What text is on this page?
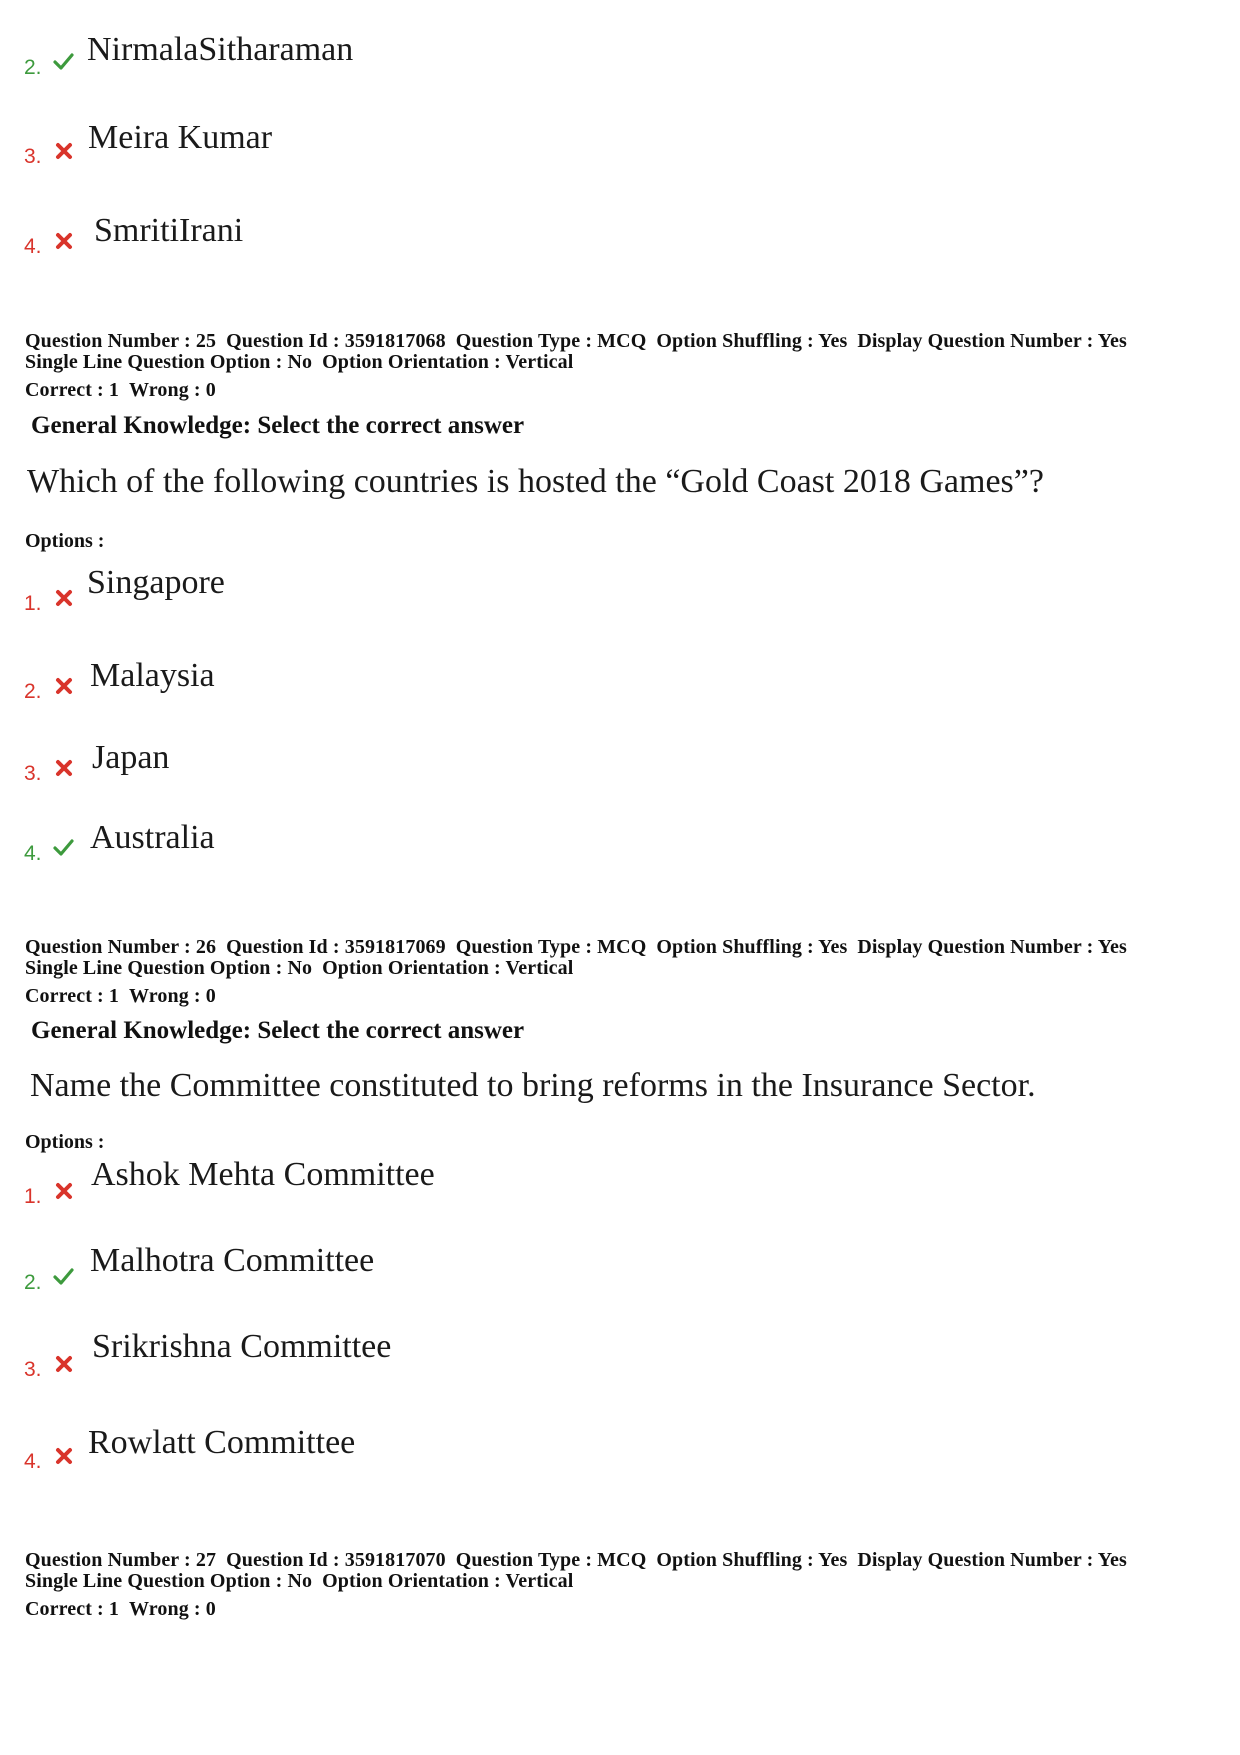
2. NirmalaSitharaman
3.
Meira Kumar
4. SmritiIrani
Question Number : 25 Question Id : 3591817068 Question Type : MCQ Option Shuffling : Yes Display Question Number : Yes
Single Line Question Option : No Option Orientation : Vertical
Correct : 1 Wrong : 0
General Knowledge: Select the correct answer
Which of the following countries is hosted the “Gold Coast 2018 Games”?
Options :
1.
Singapore
2. Malaysia
3. Japan
4. Australia
Question Number : 26 Question Id : 3591817069 Question Type : MCQ Option Shuffling : Yes Display Question Number : Yes
Single Line Question Option : No Option Orientation : Vertical
Correct : 1 Wrong : 0
General Knowledge: Select the correct answer
Name the Committee constituted to bring reforms in the Insurance Sector.
Options :
1.
Ashok Mehta Committee
2.
Malhotra Committee
3.
Srikrishna Committee
4.
Rowlatt Committee
Question Number : 27 Question Id : 3591817070 Question Type : MCQ Option Shuffling : Yes Display Question Number : Yes
Single Line Question Option : No Option Orientation : Vertical
Correct : 1 Wrong : 0
